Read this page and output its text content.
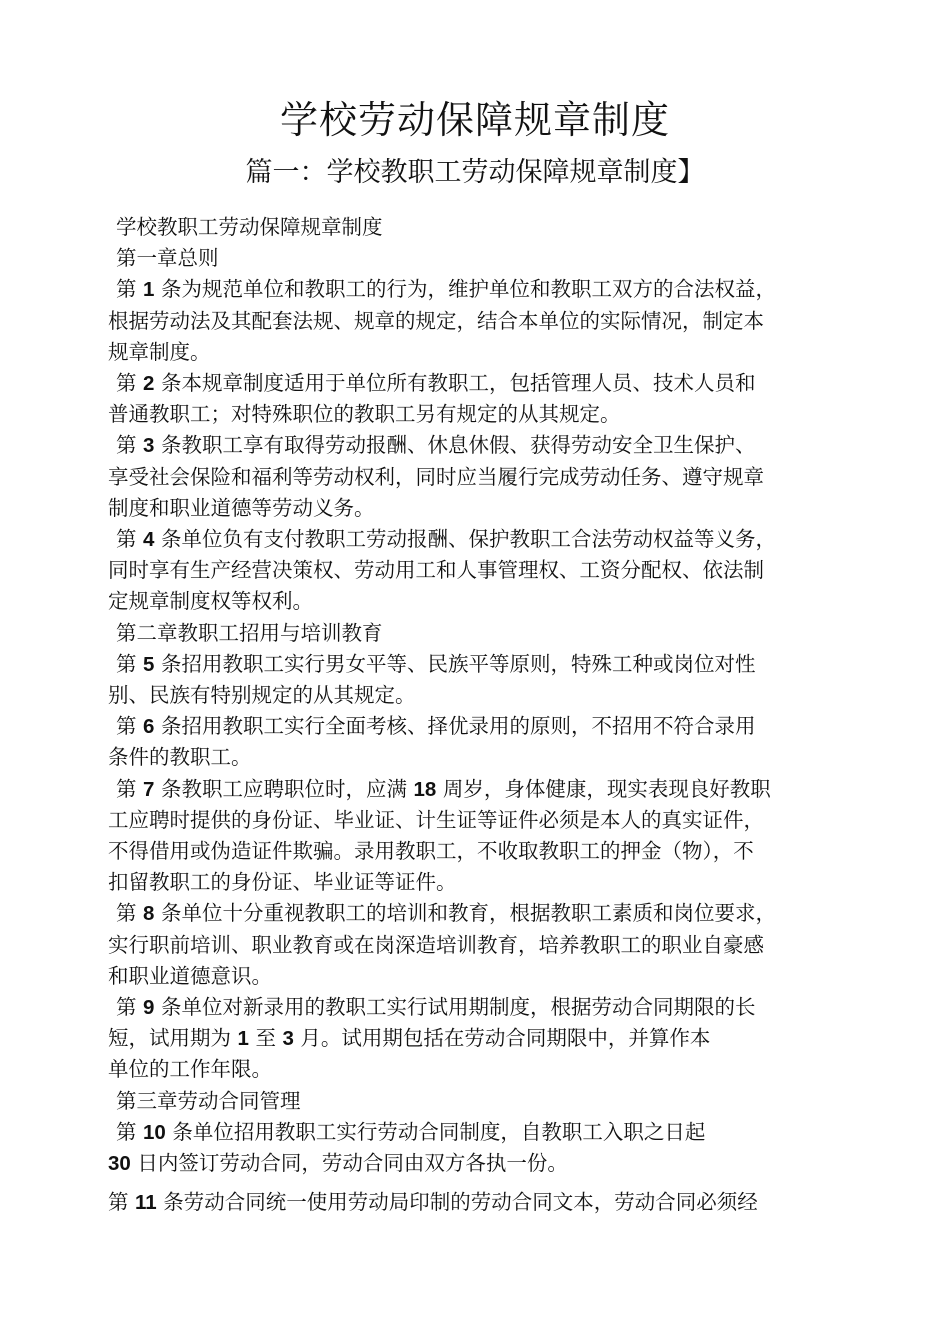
学校劳动保障规章制度
篇一：学校教职工劳动保障规章制度】

学校教职工劳动保障规章制度

第一章总则

第 1 条为规范单位和教职工的行为，维护单位和教职工双方的合法权益，

根据劳动法及其配套法规、规章的规定，结合本单位的实际情况，制定本

规章制度。

第 2 条本规章制度适用于单位所有教职工，包括管理人员、技术人员和

普通教职工；对特殊职位的教职工另有规定的从其规定。

第 3 条教职工享有取得劳动报酬、休息休假、获得劳动安全卫生保护、

享受社会保险和福利等劳动权利，同时应当履行完成劳动任务、遵守规章

制度和职业道德等劳动义务。

第 4 条单位负有支付教职工劳动报酬、保护教职工合法劳动权益等义务，

同时享有生产经营决策权、劳动用工和人事管理权、工资分配权、依法制

定规章制度权等权利。

第二章教职工招用与培训教育

第 5 条招用教职工实行男女平等、民族平等原则，特殊工种或岗位对性

别、民族有特别规定的从其规定。

第 6 条招用教职工实行全面考核、择优录用的原则，不招用不符合录用

条件的教职工。

第 7 条教职工应聘职位时，应满 18 周岁，身体健康，现实表现良好教职

工应聘时提供的身份证、毕业证、计生证等证件必须是本人的真实证件，

不得借用或伪造证件欺骗。录用教职工，不收取教职工的押金（物），不

扣留教职工的身份证、毕业证等证件。

第 8 条单位十分重视教职工的培训和教育，根据教职工素质和岗位要求，

实行职前培训、职业教育或在岗深造培训教育，培养教职工的职业自豪感

和职业道德意识。

第 9 条单位对新录用的教职工实行试用期制度，根据劳动合同期限的长

短，试用期为 1 至 3 月。试用期包括在劳动合同期限中，并算作本

单位的工作年限。

第三章劳动合同管理

第 10 条单位招用教职工实行劳动合同制度，自教职工入职之日起

30 日内签订劳动合同，劳动合同由双方各执一份。

第 11 条劳动合同统一使用劳动局印制的劳动合同文本，劳动合同必须经
